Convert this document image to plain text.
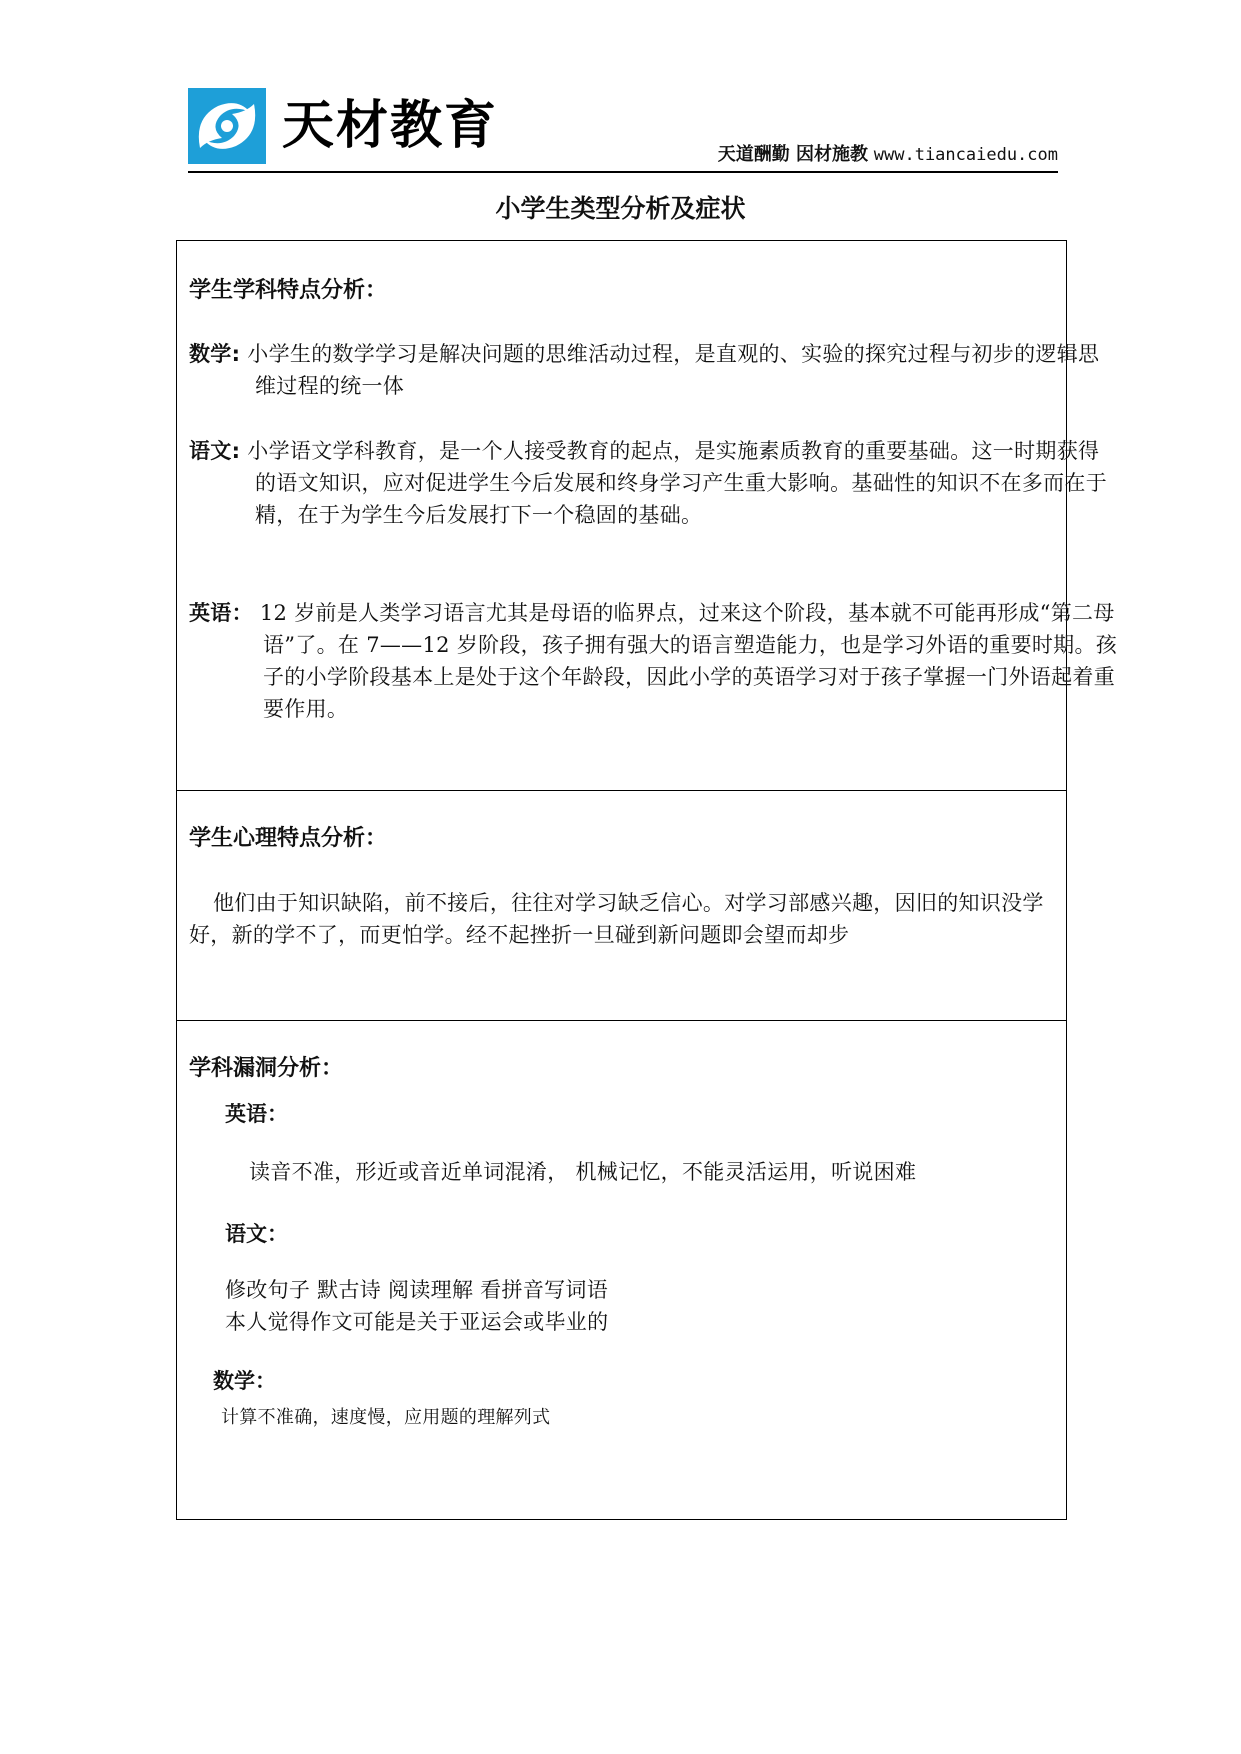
天材教育	天道酬勤 因材施教 www.tiancaiedu.com
小学生类型分析及症状
学生学科特点分析：
数学: 小学生的数学学习是解决问题的思维活动过程，是直观的、实验的探究过程与初步的逻辑思维过程的统一体
语文: 小学语文学科教育，是一个人接受教育的起点，是实施素质教育的重要基础。这一时期获得的语文知识，应对促进学生今后发展和终身学习产生重大影响。基础性的知识不在多而在于精，在于为学生今后发展打下一个稳固的基础。
英语： 12 岁前是人类学习语言尤其是母语的临界点，过来这个阶段，基本就不可能再形成“第二母语”了。在 7——12 岁阶段，孩子拥有强大的语言塑造能力，也是学习外语的重要时期。孩子的小学阶段基本上是处于这个年龄段，因此小学的英语学习对于孩子掌握一门外语起着重要作用。
学生心理特点分析：
他们由于知识缺陷，前不接后，往往对学习缺乏信心。对学习部感兴趣，因旧的知识没学好，新的学不了，而更怕学。经不起挫折一旦碰到新问题即会望而却步
学科漏洞分析：
英语：
读音不准，形近或音近单词混淆， 机械记忆，不能灵活运用，听说困难
语文：
修改句子 默古诗 阅读理解 看拼音写词语
本人觉得作文可能是关于亚运会或毕业的
数学：
计算不准确，速度慢，应用题的理解列式
